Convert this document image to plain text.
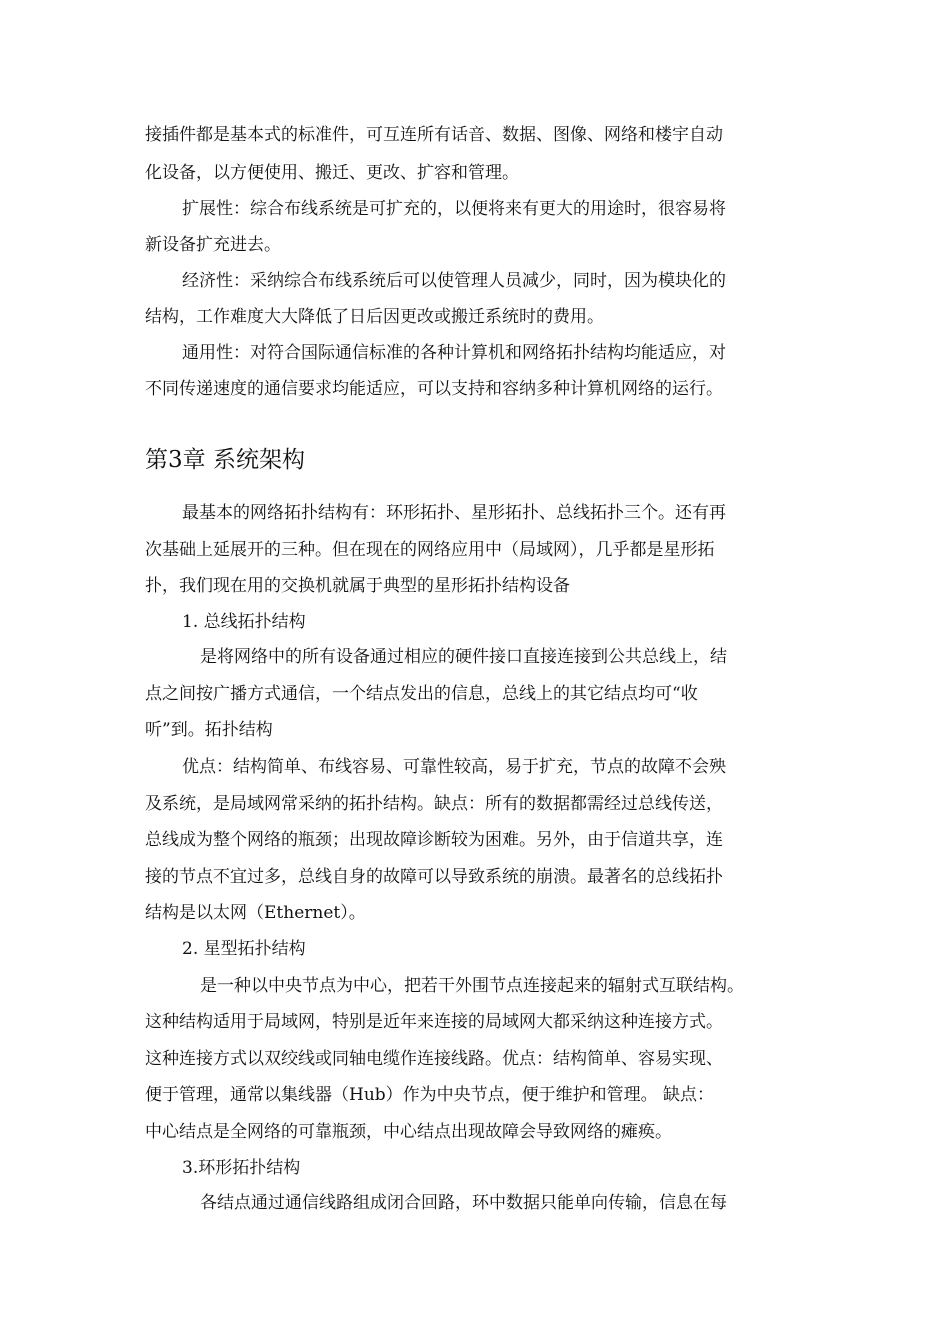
接插件都是基本式的标准件，可互连所有话音、数据、图像、网络和楼宇自动

化设备，以方便使用、搬迁、更改、扩容和管理。

扩展性：综合布线系统是可扩充的，以便将来有更大的用途时，很容易将

新设备扩充进去。

经济性：采纳综合布线系统后可以使管理人员减少，同时，因为模块化的

结构，工作难度大大降低了日后因更改或搬迁系统时的费用。

通用性：对符合国际通信标准的各种计算机和网络拓扑结构均能适应，对

不同传递速度的通信要求均能适应，可以支持和容纳多种计算机网络的运行。

第3章 系统架构

最基本的网络拓扑结构有：环形拓扑、星形拓扑、总线拓扑三个。还有再

次基础上延展开的三种。但在现在的网络应用中（局域网），几乎都是星形拓

扑，我们现在用的交换机就属于典型的星形拓扑结构设备

1. 总线拓扑结构

是将网络中的所有设备通过相应的硬件接口直接连接到公共总线上，结

点之间按广播方式通信，一个结点发出的信息，总线上的其它结点均可“收

听”到。拓扑结构

优点：结构简单、布线容易、可靠性较高，易于扩充，节点的故障不会殃

及系统，是局域网常采纳的拓扑结构。缺点：所有的数据都需经过总线传送，

总线成为整个网络的瓶颈；出现故障诊断较为困难。另外，由于信道共享，连

接的节点不宜过多，总线自身的故障可以导致系统的崩溃。最著名的总线拓扑

结构是以太网（Ethernet）。

2. 星型拓扑结构

是一种以中央节点为中心，把若干外围节点连接起来的辐射式互联结构。

这种结构适用于局域网，特别是近年来连接的局域网大都采纳这种连接方式。

这种连接方式以双绞线或同轴电缆作连接线路。优点：结构简单、容易实现、

便于管理，通常以集线器（Hub）作为中央节点，便于维护和管理。 缺点：

中心结点是全网络的可靠瓶颈，中心结点出现故障会导致网络的瘫痪。

3.环形拓扑结构

各结点通过通信线路组成闭合回路，环中数据只能单向传输，信息在每
